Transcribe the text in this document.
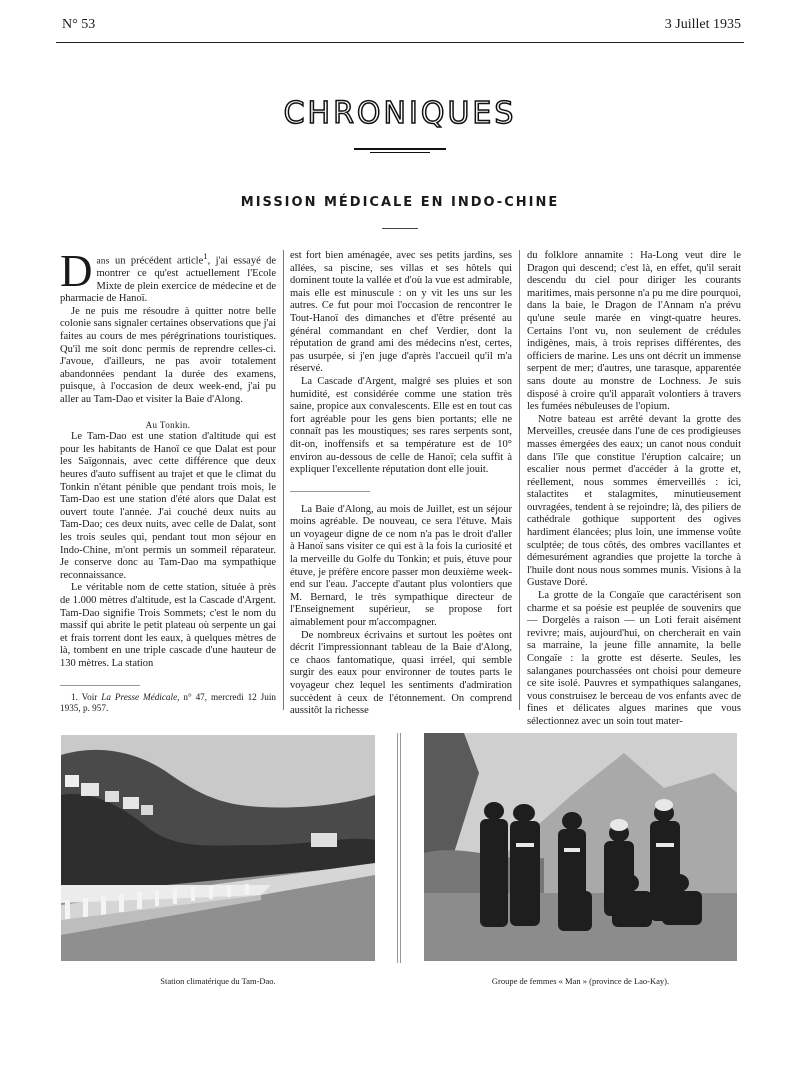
N° 53	3 Juillet 1935
CHRONIQUES
MISSION MÉDICALE EN INDO-CHINE

Dans un précédent article$^1$, j'ai essayé de montrer ce qu'est actuellement l'Ecole Mixte de plein exercice de médecine et de pharmacie de Hanoï.

Je ne puis me résoudre à quitter notre belle colonie sans signaler certaines observations que j'ai faites au cours de mes pérégrinations touristiques. Qu'il me soit donc permis de reprendre celles-ci. J'avoue, d'ailleurs, ne pas avoir totalement abandonnées pendant la durée des examens, puisque, à l'occasion de deux week-end, j'ai pu aller au Tam-Dao et visiter la Baie d'Along.

Au Tonkin.

Le Tam-Dao est une station d'altitude qui est pour les habitants de Hanoï ce que Dalat est pour les Saïgonnais, avec cette différence que deux heures d'auto suffisent au trajet et que le climat du Tonkin n'étant pénible que pendant trois mois, le Tam-Dao est une station d'été alors que Dalat est ouvert toute l'année. J'ai couché deux nuits au Tam-Dao; ces deux nuits, avec celle de Dalat, sont les trois seules qui, pendant tout mon séjour en Indo-Chine, m'ont permis un sommeil réparateur. Je conserve donc au Tam-Dao ma sympathique reconnaissance.

Le véritable nom de cette station, située à près de 1.000 mètres d'altitude, est la Cascade d'Argent. Tam-Dao signifie Trois Sommets; c'est le nom du massif qui abrite le petit plateau où serpente un gai et frais torrent dont les eaux, à quelques mètres de là, tombent en une triple cascade d'une hauteur de 130 mètres. La station

1. Voir La Presse Médicale, n° 47, mercredi 12 Juin 1935, p. 957.

est fort bien aménagée, avec ses petits jardins, ses allées, sa piscine, ses villas et ses hôtels qui dominent toute la vallée et d'où la vue est admirable, mais elle est minuscule : on y vit les uns sur les autres. Ce fut pour moi l'occasion de rencontrer le Tout-Hanoï des dimanches et d'être présenté au général commandant en chef Verdier, dont la réputation de grand ami des médecins n'est, certes, pas usurpée, si j'en juge d'après l'accueil qu'il m'a réservé.

La Cascade d'Argent, malgré ses pluies et son humidité, est considérée comme une station très saine, propice aux convalescents. Elle est en tout cas fort agréable pour les gens bien portants; elle ne connaît pas les moustiques; ses rares serpents sont, dit-on, inoffensifs et sa température est de 10° environ au-dessous de celle de Hanoï; cela suffit à expliquer l'excellente réputation dont elle jouit.

La Baie d'Along, au mois de Juillet, est un séjour moins agréable. De nouveau, ce sera l'étuve. Mais un voyageur digne de ce nom n'a pas le droit d'aller à Hanoï sans visiter ce qui est à la fois la curiosité et la merveille du Golfe du Tonkin; et puis, étuve pour étuve, je préfère encore passer mon deuxième week-end sur l'eau. J'accepte d'autant plus volontiers que M. Bernard, le très sympathique directeur de l'Enseignement supérieur, se propose fort aimablement pour m'accompagner.

De nombreux écrivains et surtout les poètes ont décrit l'impressionnant tableau de la Baie d'Along, ce chaos fantomatique, quasi irréel, qui semble surgir des eaux pour environner de toutes parts le voyageur chez lequel les sentiments d'admiration succèdent à ceux de l'étonnement. On comprend aussitôt la richesse

du folklore annamite : Ha-Long veut dire le Dragon qui descend; c'est là, en effet, qu'il serait descendu du ciel pour diriger les courants maritimes, mais personne n'a pu me dire pourquoi, dans la baie, le Dragon de l'Annam n'a prévu qu'une seule marée en vingt-quatre heures. Certains l'ont vu, non seulement de crédules indigènes, mais, à trois reprises différentes, des officiers de marine. Les uns ont décrit un immense serpent de mer; d'autres, une tarasque, apparentée sans doute au monstre de Lochness. Je suis disposé à croire qu'il apparaît volontiers à travers les fumées nébuleuses de l'opium.

Notre bateau est arrêté devant la grotte des Merveilles, creusée dans l'une de ces prodigieuses masses émergées des eaux; un canot nous conduit dans l'île que constitue l'éruption calcaire; un escalier nous permet d'accéder à la grotte et, réellement, nous sommes émerveillés : ici, stalactites et stalagmites, minutieusement ouvragées, tendent à se rejoindre; là, des piliers de cathédrale gothique supportent des ogives hardiment élancées; plus loin, une immense voûte sculptée; de tous côtés, des ombres vacillantes et démesurément agrandies que projette la torche à l'huile dont nous nous sommes munis. Visions à la Gustave Doré.

La grotte de la Congaïe que caractérisent son charme et sa poésie est peuplée de souvenirs que — Dorgelès a raison — un Loti ferait aisément revivre; mais, aujourd'hui, on chercherait en vain sa marraine, la jeune fille annamite, la belle Congaïe : la grotte est déserte. Seules, les salanganes pourchassées ont choisi pour demeure ce site isolé. Pauvres et sympathiques salanganes, vous construisez le berceau de vos enfants avec de fines et délicates algues marines que vous sélectionnez avec un soin tout mater-

Station climatérique du Tam-Dao.	Groupe de femmes « Man » (province de Lao-Kay).
